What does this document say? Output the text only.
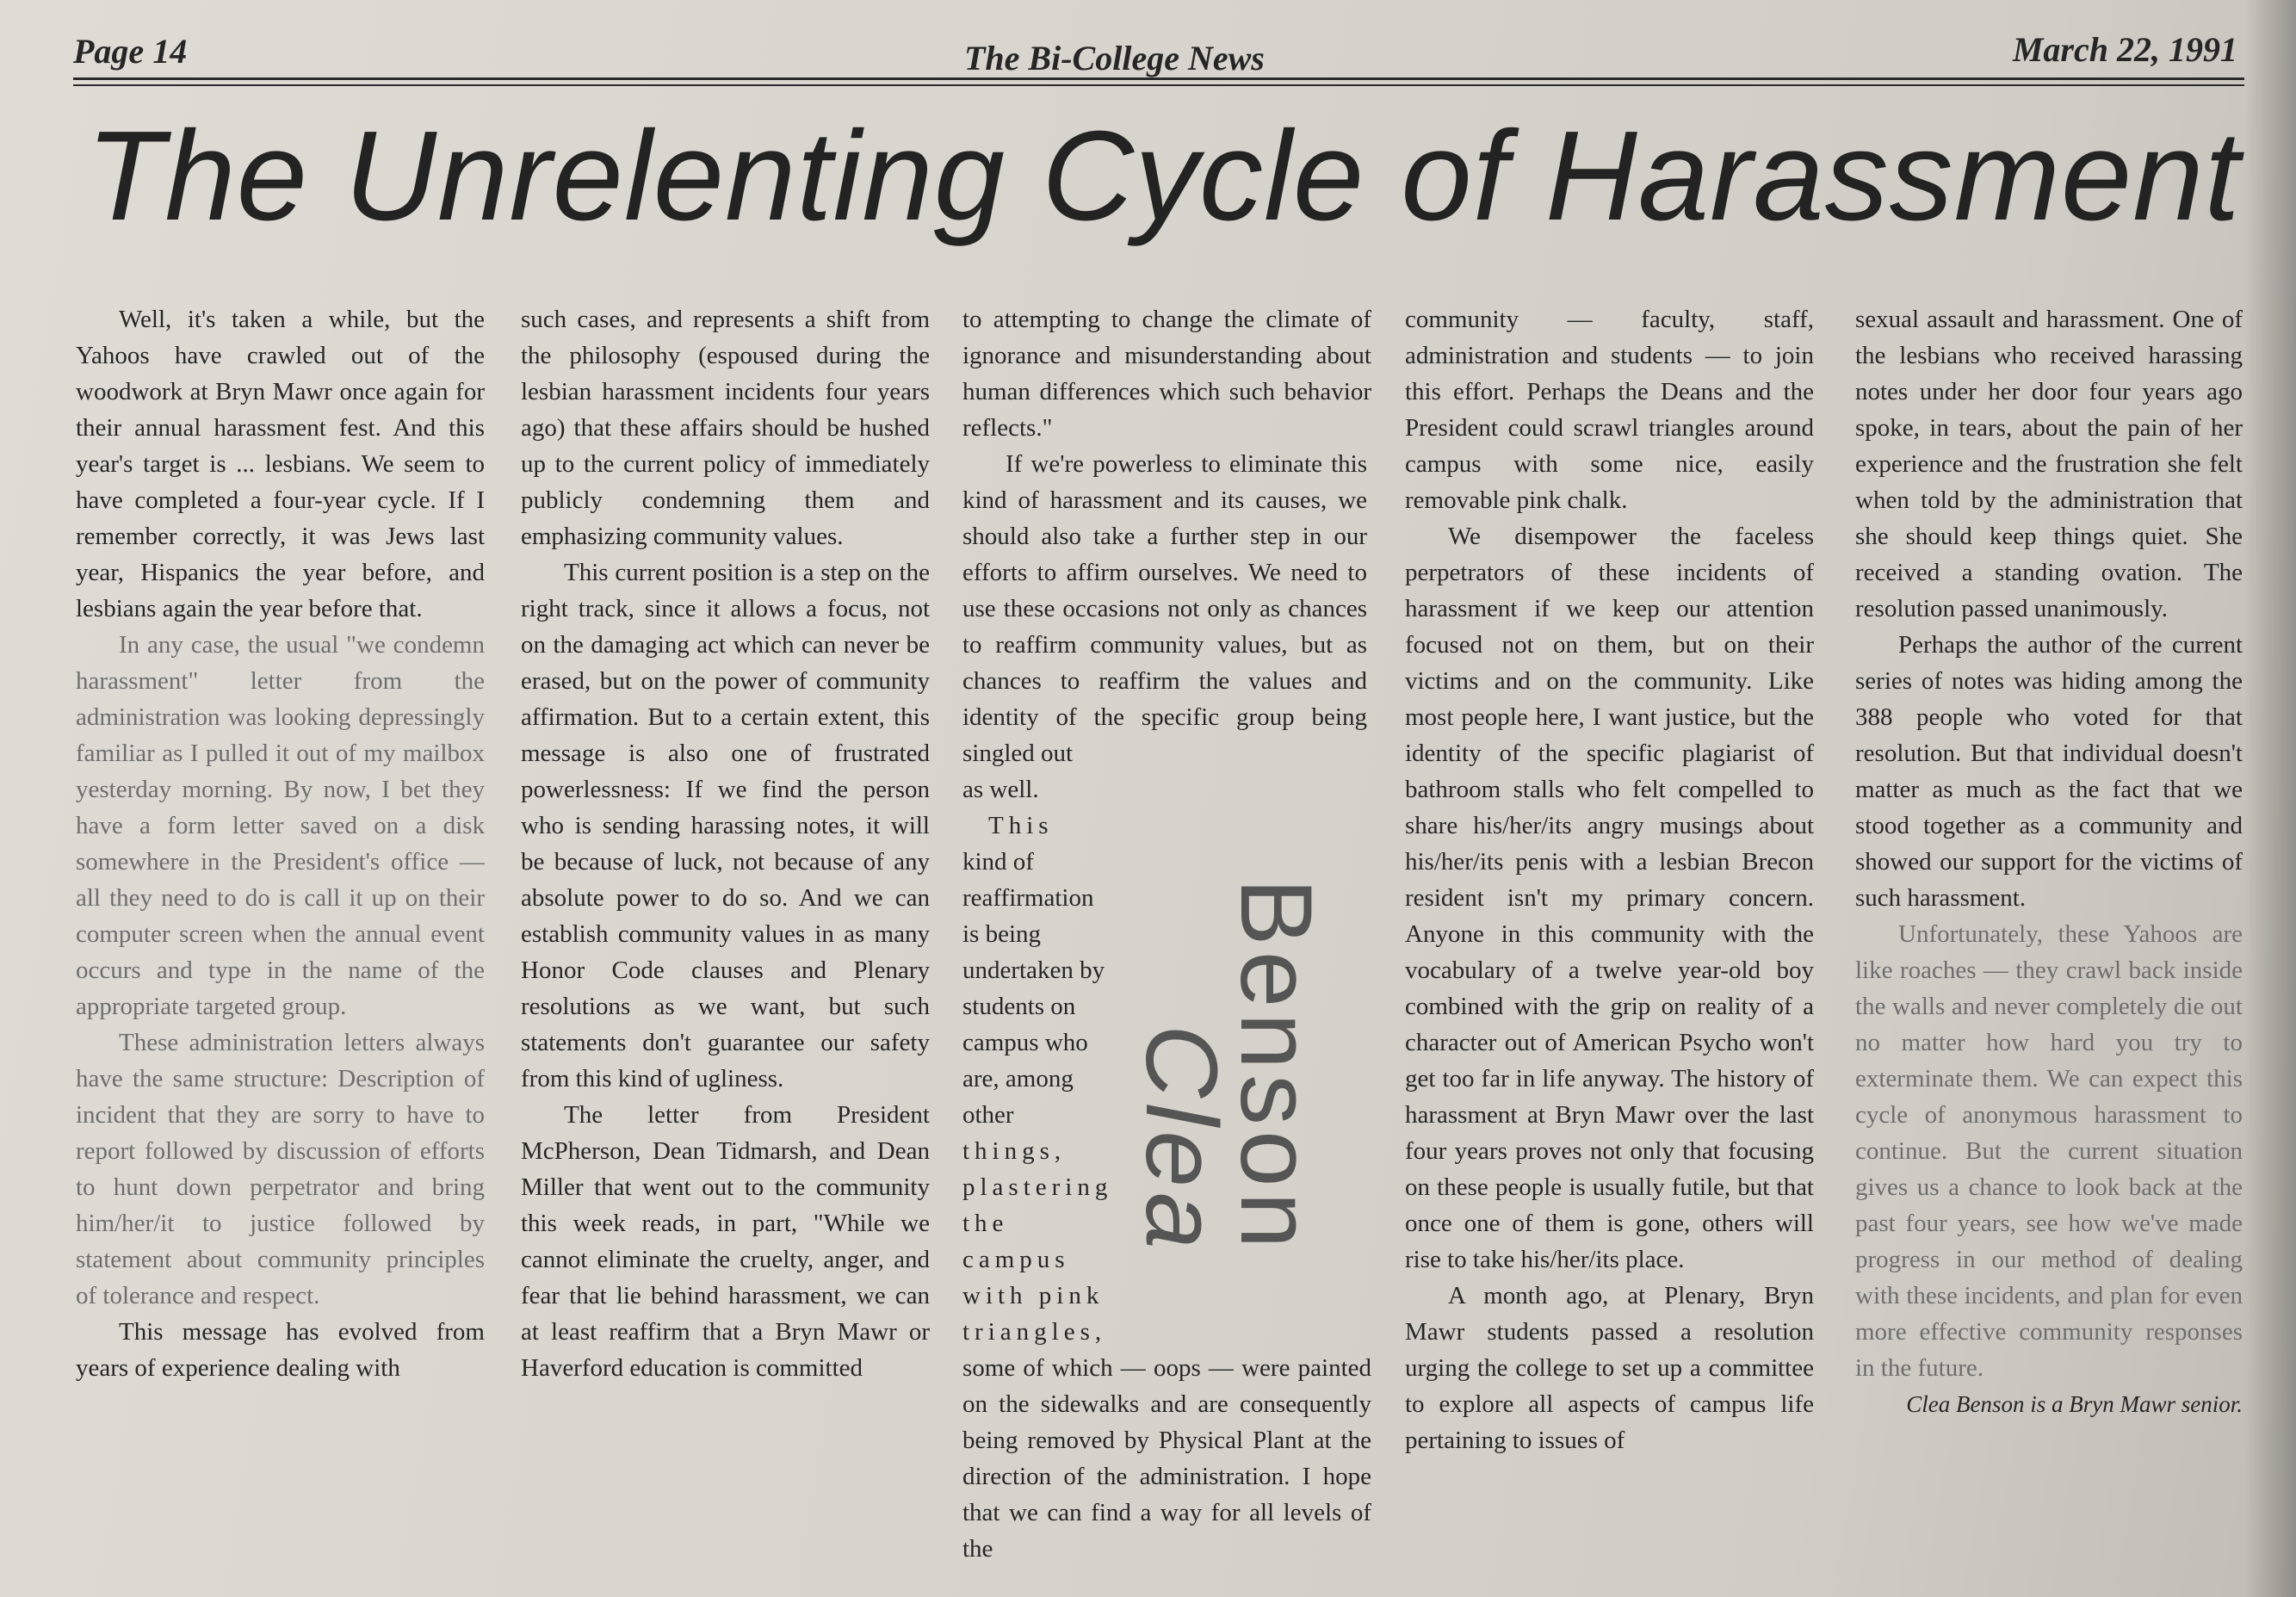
Page 14	The Bi-College News	March 22, 1991
The Unrelenting Cycle of Harassment

Well, it's taken a while, but the Yahoos have crawled out of the woodwork at Bryn Mawr once again for their annual harassment fest. And this year's target is ... lesbians. We seem to have completed a four-year cycle. If I remember correctly, it was Jews last year, Hispanics the year before, and lesbians again the year before that.

In any case, the usual "we condemn harassment" letter from the administration was looking depressingly familiar as I pulled it out of my mailbox yesterday morning. By now, I bet they have a form letter saved on a disk somewhere in the President's office — all they need to do is call it up on their computer screen when the annual event occurs and type in the name of the appropriate targeted group.

These administration letters always have the same structure: Description of incident that they are sorry to have to report followed by discussion of efforts to hunt down perpetrator and bring him/her/it to justice followed by statement about community principles of tolerance and respect.

This message has evolved from years of experience dealing with

such cases, and represents a shift from the philosophy (espoused during the lesbian harassment incidents four years ago) that these affairs should be hushed up to the current policy of immediately publicly condemning them and emphasizing community values.

This current position is a step on the right track, since it allows a focus, not on the damaging act which can never be erased, but on the power of community affirmation. But to a certain extent, this message is also one of frustrated powerlessness: If we find the person who is sending harassing notes, it will be because of luck, not because of any absolute power to do so. And we can establish community values in as many Honor Code clauses and Plenary resolutions as we want, but such statements don't guarantee our safety from this kind of ugliness.

The letter from President McPherson, Dean Tidmarsh, and Dean Miller that went out to the community this week reads, in part, "While we cannot eliminate the cruelty, anger, and fear that lie behind harassment, we can at least reaffirm that a Bryn Mawr or Haverford education is committed

to attempting to change the climate of ignorance and misunderstanding about human differences which such behavior reflects."

If we're powerless to eliminate this kind of harassment and its causes, we should also take a further step in our efforts to affirm ourselves. We need to use these occasions not only as chances to reaffirm community values, but as chances to reaffirm the values and identity of the specific group being singled out

as well.

This

kind of reaffirmation is being undertaken by students on campus who are, among other

things, plastering the campus with pink triangles,

some of which — oops — were painted on the sidewalks and are consequently being removed by Physical Plant at the direction of the administration. I hope that we can find a way for all levels of the

Benson
Clea

community — faculty, staff, administration and students — to join this effort. Perhaps the Deans and the President could scrawl triangles around campus with some nice, easily removable pink chalk.

We disempower the faceless perpetrators of these incidents of harassment if we keep our attention focused not on them, but on their victims and on the community. Like most people here, I want justice, but the identity of the specific plagiarist of bathroom stalls who felt compelled to share his/her/its angry musings about his/her/its penis with a lesbian Brecon resident isn't my primary concern. Anyone in this community with the vocabulary of a twelve year-old boy combined with the grip on reality of a character out of American Psycho won't get too far in life anyway. The history of harassment at Bryn Mawr over the last four years proves not only that focusing on these people is usually futile, but that once one of them is gone, others will rise to take his/her/its place.

A month ago, at Plenary, Bryn Mawr students passed a resolution urging the college to set up a committee to explore all aspects of campus life pertaining to issues of

sexual assault and harassment. One of the lesbians who received harassing notes under her door four years ago spoke, in tears, about the pain of her experience and the frustration she felt when told by the administration that she should keep things quiet. She received a standing ovation. The resolution passed unanimously.

Perhaps the author of the current series of notes was hiding among the 388 people who voted for that resolution. But that individual doesn't matter as much as the fact that we stood together as a community and showed our support for the victims of such harassment.

Unfortunately, these Yahoos are like roaches — they crawl back inside the walls and never completely die out no matter how hard you try to exterminate them. We can expect this cycle of anonymous harassment to continue. But the current situation gives us a chance to look back at the past four years, see how we've made progress in our method of dealing with these incidents, and plan for even more effective community responses in the future.

Clea Benson is a Bryn Mawr senior.
